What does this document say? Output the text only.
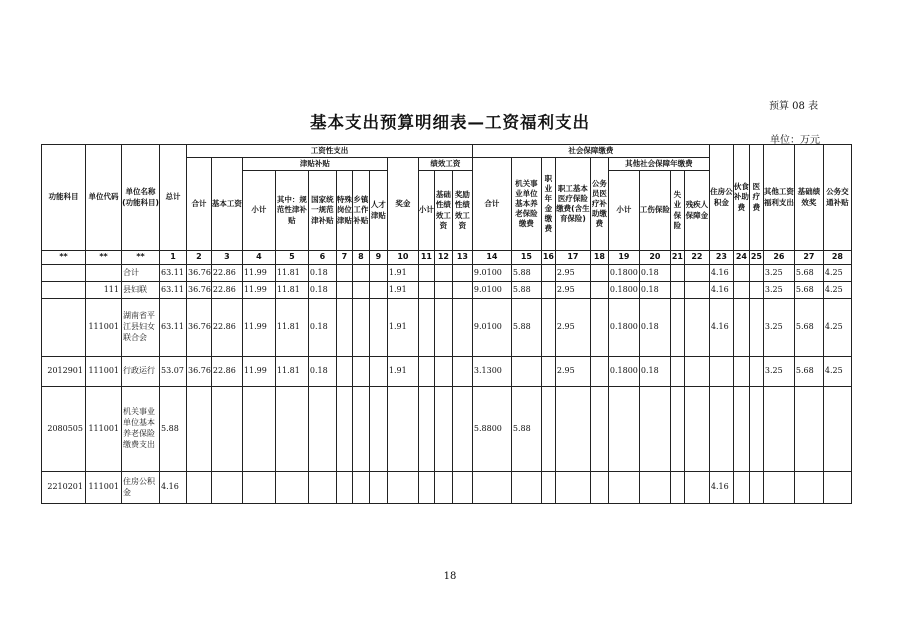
预算 08 表
基本支出预算明细表—工资福利支出
单位：万元
功能科目	单位代码	单位名称(功能科目)	总计	工资性支出												社会保障缴费									住房公积金	伙食补助费	医疗费	其他工资福利支出	基础绩效奖	公务交通补贴
				合计	基本工资	津贴补贴						奖金	绩效工资			合计	机关事业单位基本养老保险缴费	职业年金缴费	职工基本医疗保险缴费(含生育保险)	公务员医疗补助缴费	其他社会保障年缴费									
						小计	其中：规范性津补贴	国家统一规范津补贴	特殊岗位津贴	乡镇工作补贴	人才津贴		小计	基础性绩效工资	奖励性绩效工资						小计	工伤保险	失业保险	残疾人保障金						
**	**	**	1	2	3	4	5	6	7	8	9	10	11	12	13	14	15	16	17	18	19	20	21	22	23	24	25	26	27	28
		合计	63.11	36.76	22.86	11.99	11.81	0.18				1.91				9.0100	5.88		2.95		0.1800	0.18			4.16			3.25	5.68	4.25
	111	县妇联	63.11	36.76	22.86	11.99	11.81	0.18				1.91				9.0100	5.88		2.95		0.1800	0.18			4.16			3.25	5.68	4.25
	111001	湖南省平江县妇女联合会	63.11	36.76	22.86	11.99	11.81	0.18				1.91				9.0100	5.88		2.95		0.1800	0.18			4.16			3.25	5.68	4.25
2012901	111001	行政运行	53.07	36.76	22.86	11.99	11.81	0.18				1.91				3.1300			2.95		0.1800	0.18						3.25	5.68	4.25
2080505	111001	机关事业单位基本养老保险缴费支出	5.88													5.8800	5.88													
2210201	111001	住房公积金	4.16																						4.16					
18
